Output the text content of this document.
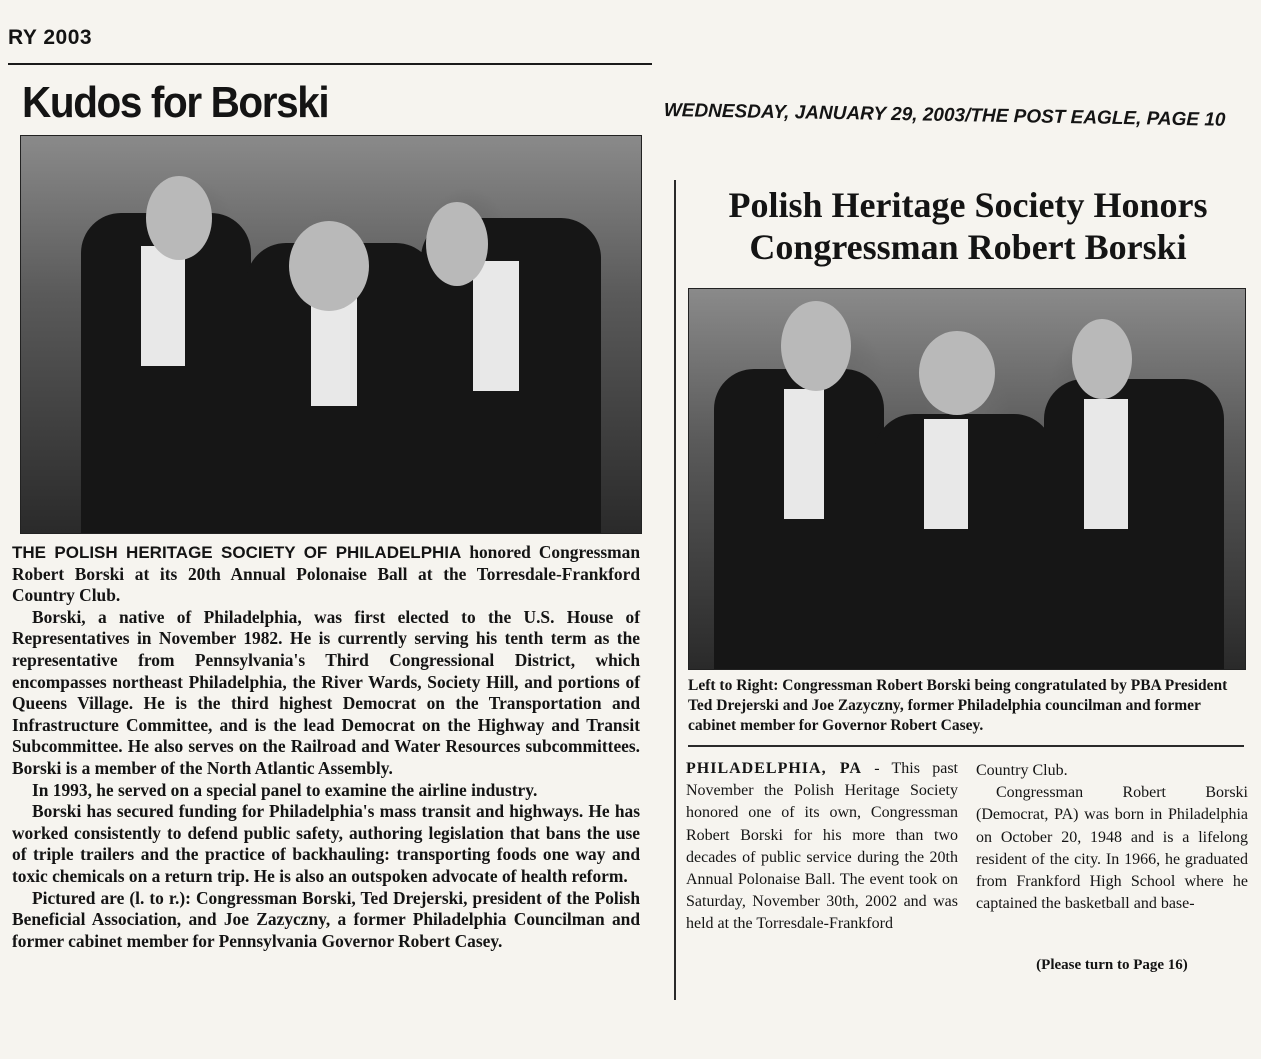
RY 2003
Kudos for Borski

THE POLISH HERITAGE SOCIETY OF PHILADELPHIA honored Congressman Robert Borski at its 20th Annual Polonaise Ball at the Torresdale-Frankford Country Club.

Borski, a native of Philadelphia, was first elected to the U.S. House of Representatives in November 1982. He is currently serving his tenth term as the representative from Pennsylvania's Third Congressional District, which encompasses northeast Philadelphia, the River Wards, Society Hill, and portions of Queens Village. He is the third highest Democrat on the Transportation and Infrastructure Committee, and is the lead Democrat on the Highway and Transit Subcommittee. He also serves on the Railroad and Water Resources subcommittees. Borski is a member of the North Atlantic Assembly.

In 1993, he served on a special panel to examine the airline industry.

Borski has secured funding for Philadelphia's mass transit and highways. He has worked consistently to defend public safety, authoring legislation that bans the use of triple trailers and the practice of backhauling: transporting foods one way and toxic chemicals on a return trip. He is also an outspoken advocate of health reform.

Pictured are (l. to r.): Congressman Borski, Ted Drejerski, president of the Polish Beneficial Association, and Joe Zazyczny, a former Philadelphia Councilman and former cabinet member for Pennsylvania Governor Robert Casey.

WEDNESDAY, JANUARY 29, 2003/THE POST EAGLE, PAGE 10
Polish Heritage Society Honors
Congressman Robert Borski
Left to Right: Congressman Robert Borski being congratulated by PBA President Ted Drejerski and Joe Zazyczny, former Philadelphia councilman and former cabinet member for Governor Robert Casey.

PHILADELPHIA, PA - This past November the Polish Heritage Society honored one of its own, Congressman Robert Borski for his more than two decades of public service during the 20th Annual Polonaise Ball. The event took on Saturday, November 30th, 2002 and was held at the Torresdale-Frankford

Country Club.

Congressman Robert Borski (Democrat, PA) was born in Philadelphia on October 20, 1948 and is a lifelong resident of the city. In 1966, he graduated from Frankford High School where he captained the basketball and base-

(Please turn to Page 16)
